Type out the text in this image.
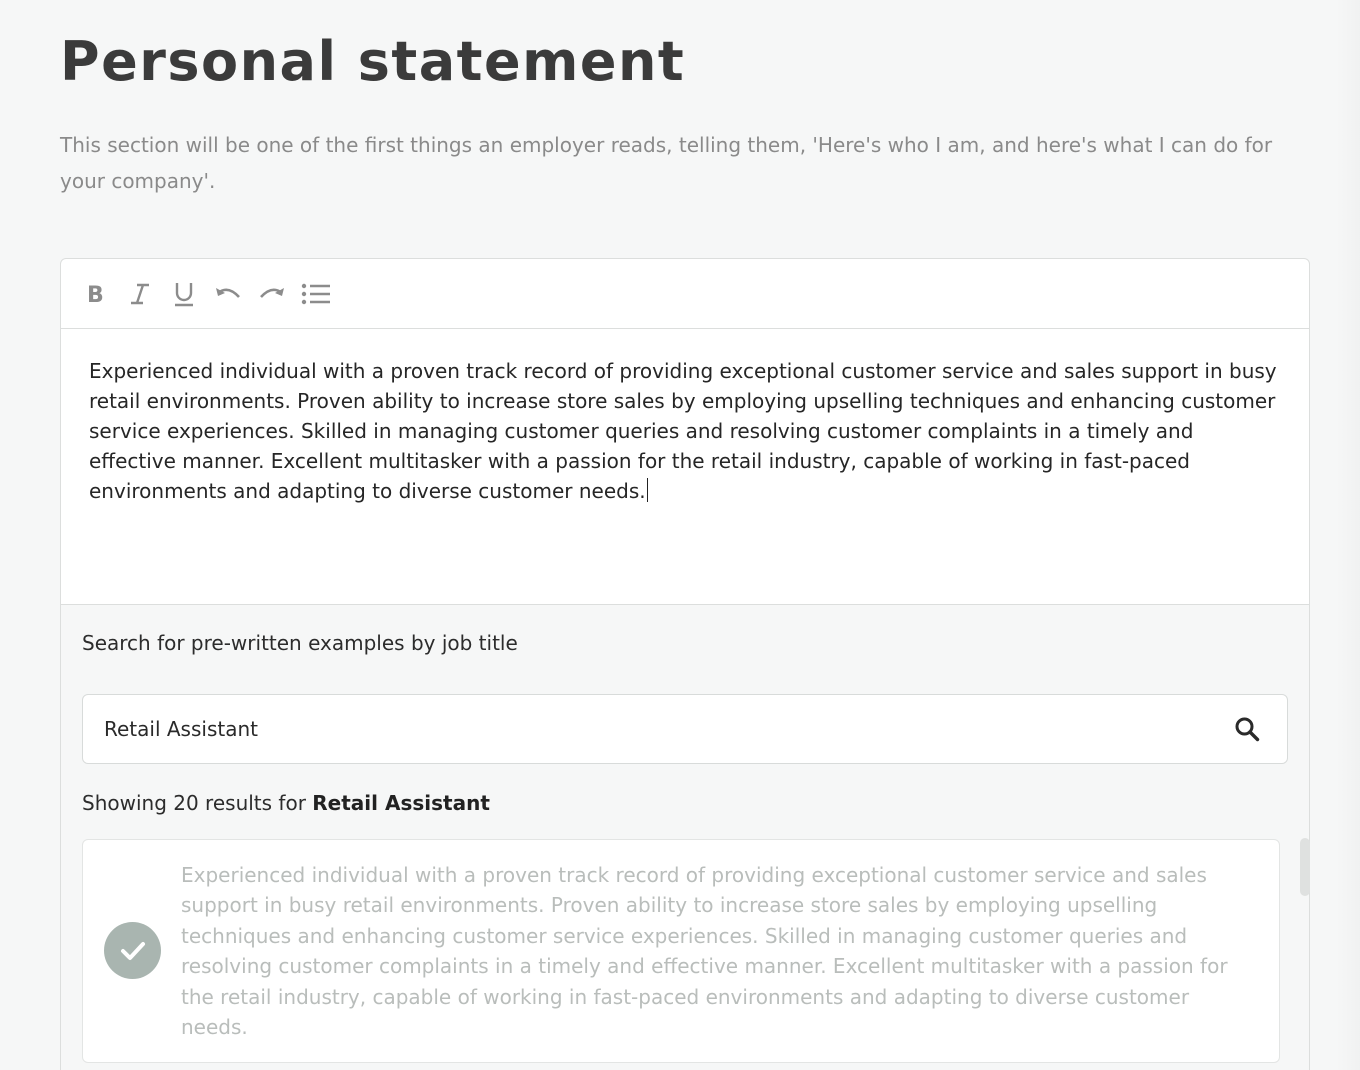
Personal statement

This section will be one of the first things an employer reads, telling them, 'Here's who I am, and here's what I can do for your company'.

B
Experienced individual with a proven track record of providing exceptional customer service and sales support in busy retail environments. Proven ability to increase store sales by employing upselling techniques and enhancing customer service experiences. Skilled in managing customer queries and resolving customer complaints in a timely and effective manner. Excellent multitasker with a passion for the retail industry, capable of working in fast-paced environments and adapting to diverse customer needs.
Search for pre-written examples by job title
Retail Assistant
Showing 20 results for Retail Assistant
Experienced individual with a proven track record of providing exceptional customer service and sales support in busy retail environments. Proven ability to increase store sales by employing upselling techniques and enhancing customer service experiences. Skilled in managing customer queries and resolving customer complaints in a timely and effective manner. Excellent multitasker with a passion for the retail industry, capable of working in fast-paced environments and adapting to diverse customer needs.
